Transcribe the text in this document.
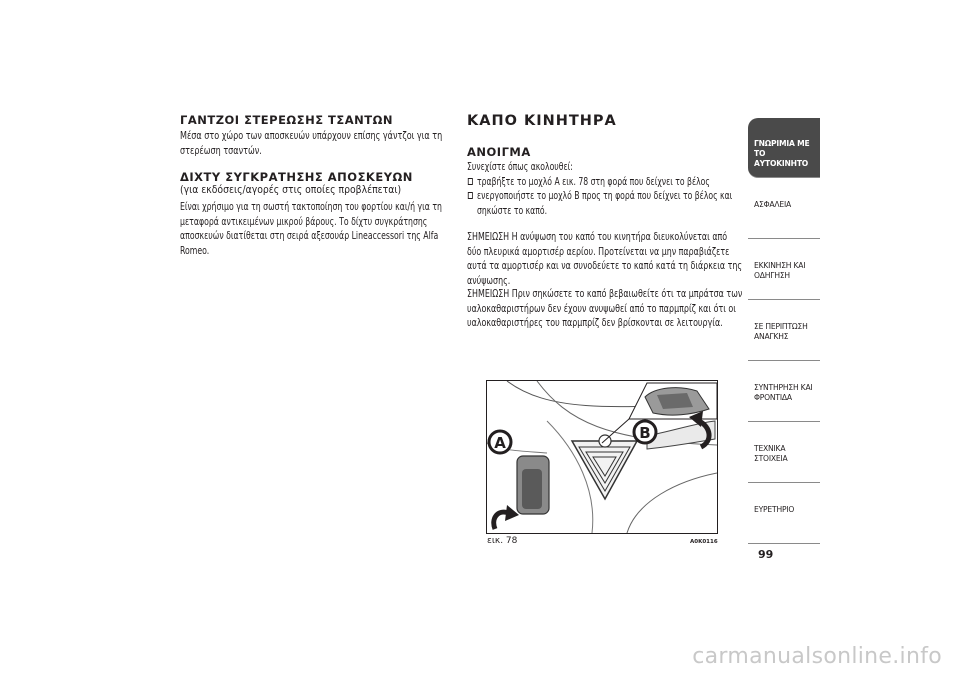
ΓΑΝΤΖΟΙ ΣΤΕΡΕΩΣΗΣ ΤΣΑΝΤΩΝ
Μέσα στο χώρο των αποσκευών υπάρχουν επίσης γάντζοι για τη
στερέωση τσαντών.
ΔΙΧΤΥ ΣΥΓΚΡΑΤΗΣΗΣ ΑΠΟΣΚΕΥΩΝ
(για εκδόσεις/αγορές στις οποίες προβλέπεται)
Είναι χρήσιμο για τη σωστή τακτοποίηση του φορτίου και/ή για τη
μεταφορά αντικειμένων μικρού βάρους. Το δίχτυ συγκράτησης
αποσκευών διατίθεται στη σειρά αξεσουάρ Lineaccessori της Alfa
Romeo.
ΚΑΠΟ ΚΙΝΗΤΗΡΑ
ΑΝΟΙΓΜΑ
Συνεχίστε όπως ακολουθεί:
τραβήξτε το μοχλό A εικ. 78 στη φορά που δείχνει το βέλος
ενεργοποιήστε το μοχλό B προς τη φορά που δείχνει το βέλος και
σηκώστε το καπό.
ΣΗΜΕΙΩΣΗ Η ανύψωση του καπό του κινητήρα διευκολύνεται από
δύο πλευρικά αμορτισέρ αερίου. Προτείνεται να μην παραβιάζετε
αυτά τα αμορτισέρ και να συνοδεύετε το καπό κατά τη διάρκεια της
ανύψωσης.
ΣΗΜΕΙΩΣΗ Πριν σηκώσετε το καπό βεβαιωθείτε ότι τα μπράτσα των
υαλοκαθαριστήρων δεν έχουν ανυψωθεί από το παρμπρίζ και ότι οι
υαλοκαθαριστήρες του παρμπρίζ δεν βρίσκονται σε λειτουργία.
A
B
εικ. 78	A0K0116
ΓΝΩΡΙΜΙΑ ΜΕ ΤΟ
ΑΥΤΟΚΙΝΗΤΟ
ΑΣΦΑΛΕΙΑ
ΕΚΚΙΝΗΣΗ ΚΑΙ
ΟΔΗΓΗΣΗ
ΣΕ ΠΕΡΙΠΤΩΣΗ
ΑΝΑΓΚΗΣ
ΣΥΝΤΗΡΗΣΗ ΚΑΙ
ΦΡΟΝΤΙΔΑ
ΤΕΧΝΙΚΑ ΣΤΟΙΧΕΙΑ
ΕΥΡΕΤΗΡΙΟ
99
carmanualsonline.info
